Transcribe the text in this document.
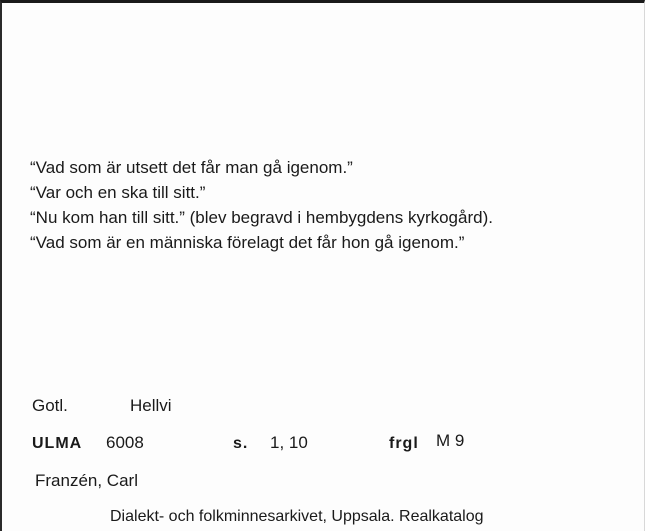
“Vad som är utsett det får man gå igenom.”
“Var och en ska till sitt.”
“Nu kom han till sitt.” (blev begravd i hembygdens kyrkogård).
“Vad som är en människa förelagt det får hon gå igenom.”
Gotl.	Hellvi
ULMA 6008	s. 1, 10	frgl M 9
Franzén, Carl
Dialekt- och folkminnesarkivet, Uppsala. Realkatalog
